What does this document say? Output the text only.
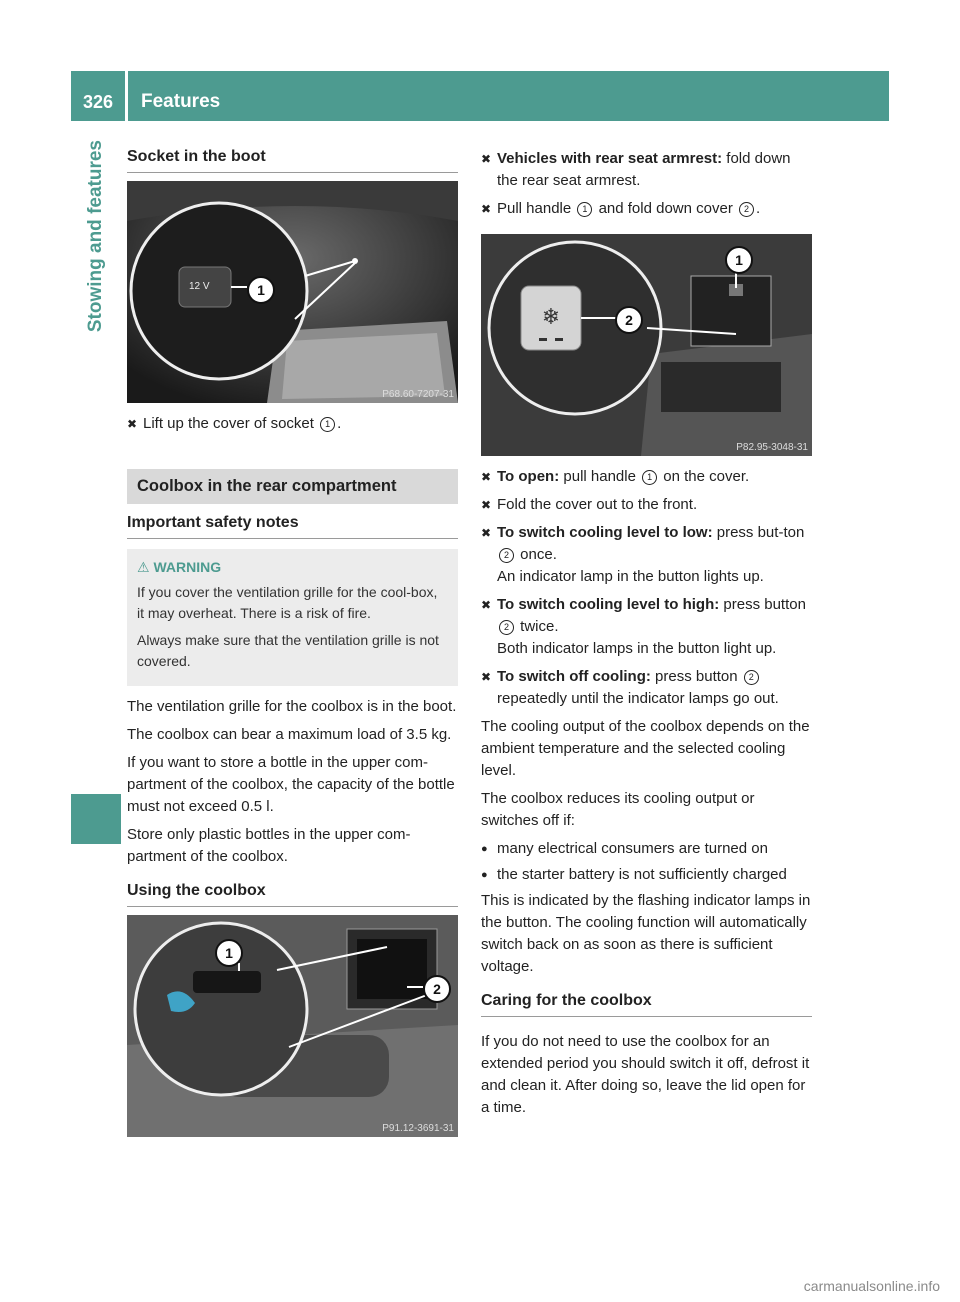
326	Features
Stowing and features Socket in the boot
12 V	1
P68.60-7207-31
✖ Lift up the cover of socket 1 .
Coolbox in the rear compartment
Important safety notes
⚠ WARNING

If you cover the ventilation grille for the cool-box, it may overheat. There is a risk of fire.

Always make sure that the ventilation grille is not covered.

The ventilation grille for the coolbox is in the boot.

The coolbox can bear a maximum load of 3.5 kg.

If you want to store a bottle in the upper com-partment of the coolbox, the capacity of the bottle must not exceed 0.5 l.

Store only plastic bottles in the upper com-partment of the coolbox.

Using the coolbox
1
2
P91.12-3691-31
✖ Vehicles with rear seat armrest: fold down the rear seat armrest.
✖ Pull handle 1 and fold down cover 2 .
❄	2
1
P82.95-3048-31
✖ To open: pull handle 1 on the cover.
✖ Fold the cover out to the front.
✖ To switch cooling level to low: press but-ton 2 once.
An indicator lamp in the button lights up.
✖ To switch cooling level to high: press button 2 twice.
Both indicator lamps in the button light up.
✖ To switch off cooling: press button 2 repeatedly until the indicator lamps go out.

The cooling output of the coolbox depends on the ambient temperature and the selected cooling level.

The coolbox reduces its cooling output or switches off if:

● many electrical consumers are turned on
● the starter battery is not sufficiently charged

This is indicated by the flashing indicator lamps in the button. The cooling function will automatically switch back on as soon as there is sufficient voltage.

Caring for the coolbox

If you do not need to use the coolbox for an extended period you should switch it off, defrost it and clean it. After doing so, leave the lid open for a time.

carmanualsonline.info
